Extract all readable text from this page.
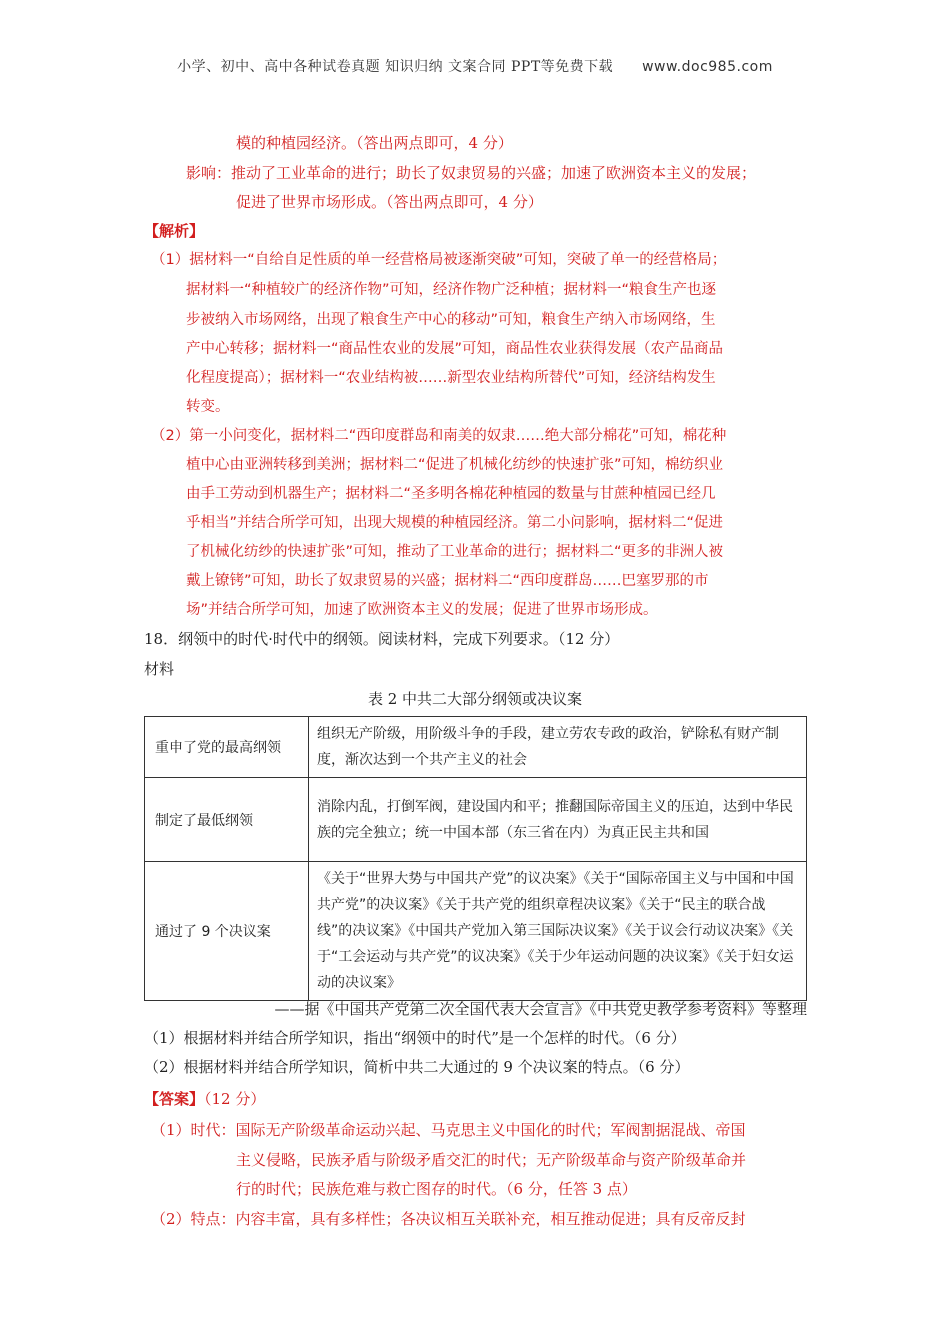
小学、初中、高中各种试卷真题 知识归纳 文案合同 PPT等免费下载 www.doc985.com
模的种植园经济。（答出两点即可，4 分）
影响：推动了工业革命的进行；助长了奴隶贸易的兴盛；加速了欧洲资本主义的发展；
促进了世界市场形成。（答出两点即可，4 分）
【解析】
（1）据材料一“自给自足性质的单一经营格局被逐渐突破”可知，突破了单一的经营格局；
据材料一“种植较广的经济作物”可知，经济作物广泛种植；据材料一“粮食生产也逐
步被纳入市场网络，出现了粮食生产中心的移动”可知，粮食生产纳入市场网络，生
产中心转移；据材料一“商品性农业的发展”可知，商品性农业获得发展（农产品商品
化程度提高）；据材料一“农业结构被……新型农业结构所替代”可知，经济结构发生
转变。
（2）第一小问变化，据材料二“西印度群岛和南美的奴隶……绝大部分棉花”可知，棉花种
植中心由亚洲转移到美洲；据材料二“促进了机械化纺纱的快速扩张”可知，棉纺织业
由手工劳动到机器生产；据材料二“圣多明各棉花种植园的数量与甘蔗种植园已经几
乎相当”并结合所学可知，出现大规模的种植园经济。第二小问影响，据材料二“促进
了机械化纺纱的快速扩张”可知，推动了工业革命的进行；据材料二“更多的非洲人被
戴上镣铐”可知，助长了奴隶贸易的兴盛；据材料二“西印度群岛……巴塞罗那的市
场”并结合所学可知，加速了欧洲资本主义的发展；促进了世界市场形成。
18．纲领中的时代·时代中的纲领。阅读材料，完成下列要求。（12 分）
材料
表 2 中共二大部分纲领或决议案
重申了党的最高纲领	组织无产阶级，用阶级斗争的手段，建立劳农专政的政治，铲除私有财产制度，渐次达到一个共产主义的社会
制定了最低纲领	消除内乱，打倒军阀，建设国内和平；推翻国际帝国主义的压迫，达到中华民族的完全独立；统一中国本部（东三省在内）为真正民主共和国
通过了 9 个决议案	《关于“世界大势与中国共产党”的议决案》《关于“国际帝国主义与中国和中国共产党”的决议案》《关于共产党的组织章程决议案》《关于“民主的联合战线”的决议案》《中国共产党加入第三国际决议案》《关于议会行动议决案》《关于“工会运动与共产党”的议决案》《关于少年运动问题的决议案》《关于妇女运动的决议案》
——据《中国共产党第二次全国代表大会宣言》《中共党史教学参考资料》等整理
（1）根据材料并结合所学知识，指出“纲领中的时代”是一个怎样的时代。（6 分）
（2）根据材料并结合所学知识，简析中共二大通过的 9 个决议案的特点。（6 分）
【答案】（12 分）
（1）时代：国际无产阶级革命运动兴起、马克思主义中国化的时代；军阀割据混战、帝国
主义侵略，民族矛盾与阶级矛盾交汇的时代；无产阶级革命与资产阶级革命并
行的时代；民族危难与救亡图存的时代。（6 分，任答 3 点）
（2）特点：内容丰富，具有多样性；各决议相互关联补充，相互推动促进；具有反帝反封
